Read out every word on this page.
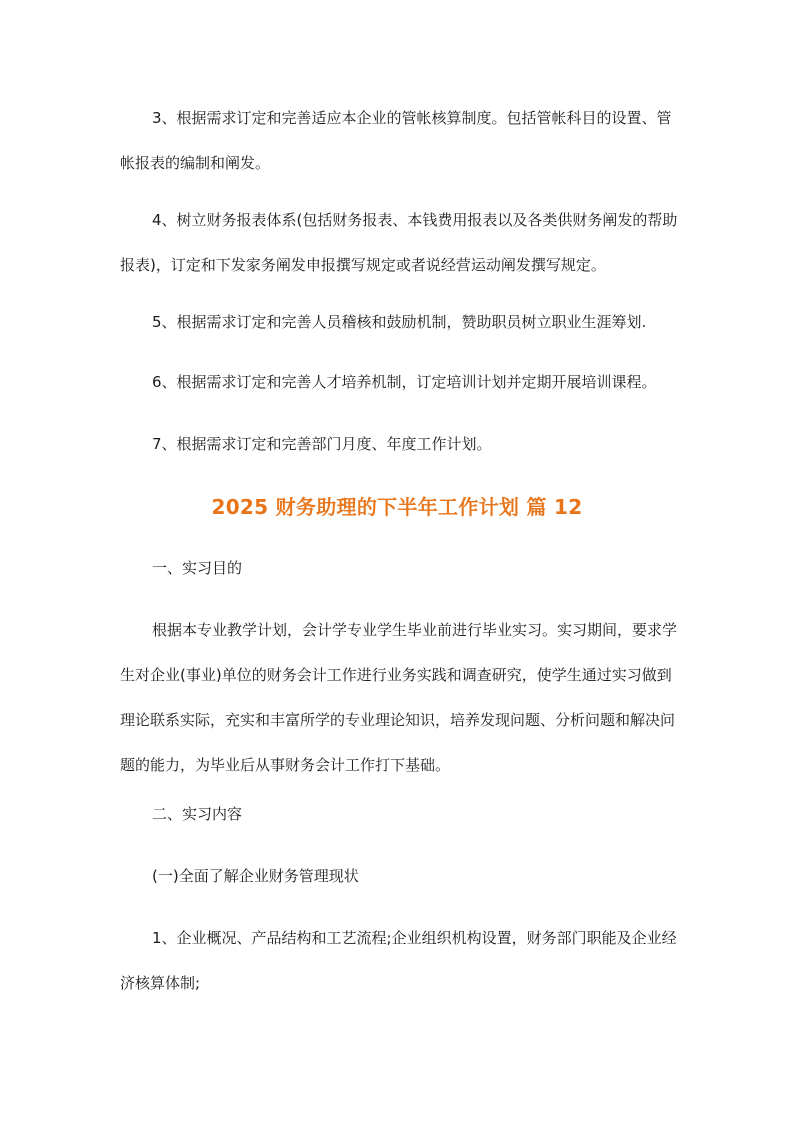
3、根据需求订定和完善适应本企业的管帐核算制度。包括管帐科目的设置、管帐报表的编制和阐发。

4、树立财务报表体系(包括财务报表、本钱费用报表以及各类供财务阐发的帮助报表)，订定和下发家务阐发申报撰写规定或者说经营运动阐发撰写规定。

5、根据需求订定和完善人员稽核和鼓励机制，赞助职员树立职业生涯筹划.

6、根据需求订定和完善人才培养机制，订定培训计划并定期开展培训课程。

7、根据需求订定和完善部门月度、年度工作计划。

2025 财务助理的下半年工作计划 篇 12

一、实习目的

根据本专业教学计划，会计学专业学生毕业前进行毕业实习。实习期间，要求学生对企业(事业)单位的财务会计工作进行业务实践和调查研究，使学生通过实习做到理论联系实际，充实和丰富所学的专业理论知识，培养发现问题、分析问题和解决问题的能力，为毕业后从事财务会计工作打下基础。

二、实习内容

(一)全面了解企业财务管理现状

1、企业概况、产品结构和工艺流程;企业组织机构设置，财务部门职能及企业经济核算体制;
